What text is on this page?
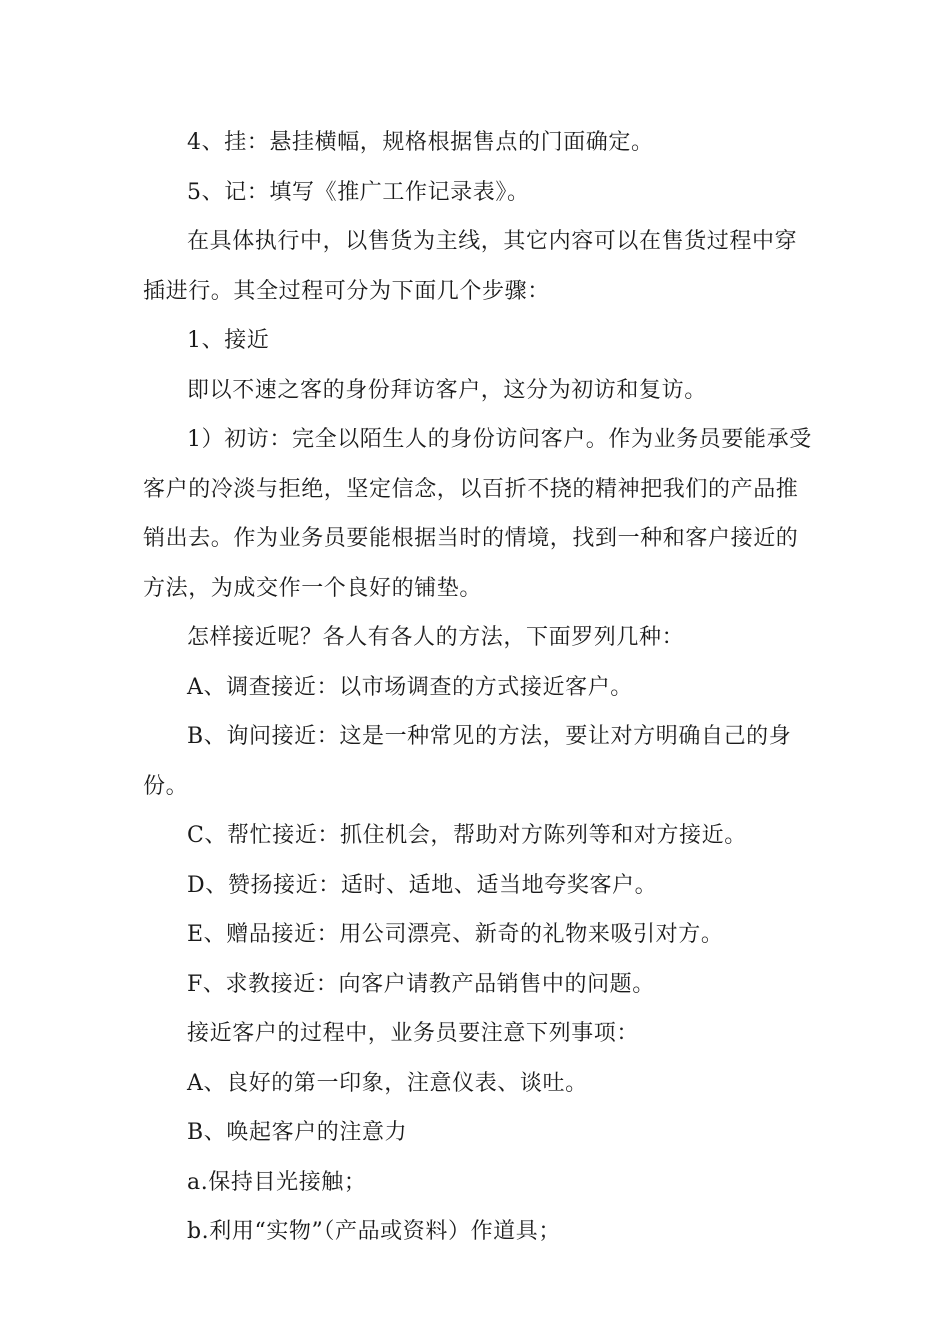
4、挂：悬挂横幅，规格根据售点的门面确定。

5、记：填写《推广工作记录表》。

在具体执行中，以售货为主线，其它内容可以在售货过程中穿插进行。其全过程可分为下面几个步骤：

1、接近

即以不速之客的身份拜访客户，这分为初访和复访。

1）初访：完全以陌生人的身份访问客户。作为业务员要能承受客户的冷淡与拒绝，坚定信念，以百折不挠的精神把我们的产品推销出去。作为业务员要能根据当时的情境，找到一种和客户接近的方法，为成交作一个良好的铺垫。

怎样接近呢？各人有各人的方法，下面罗列几种：

A、调查接近：以市场调查的方式接近客户。

B、询问接近：这是一种常见的方法，要让对方明确自己的身份。

C、帮忙接近：抓住机会，帮助对方陈列等和对方接近。

D、赞扬接近：适时、适地、适当地夸奖客户。

E、赠品接近：用公司漂亮、新奇的礼物来吸引对方。

F、求教接近：向客户请教产品销售中的问题。

接近客户的过程中，业务员要注意下列事项：

A、良好的第一印象，注意仪表、谈吐。

B、唤起客户的注意力

a.保持目光接触；

b.利用“实物”（产品或资料）作道具；
